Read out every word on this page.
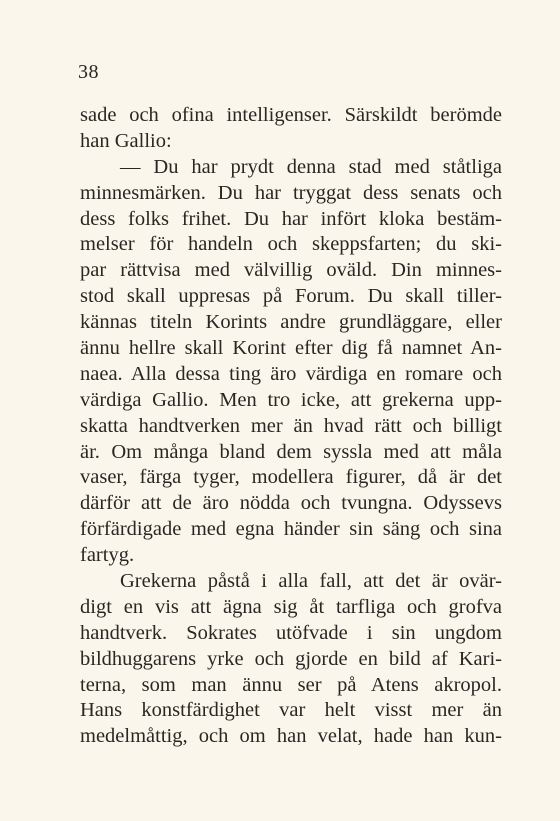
38
sade och ofina intelligenser. Särskildt berömde
han Gallio:
— Du har prydt denna stad med ståtliga
minnesmärken. Du har tryggat dess senats och
dess folks frihet. Du har infört kloka bestäm-
melser för handeln och skeppsfarten; du ski-
par rättvisa med välvillig oväld. Din minnes-
stod skall uppresas på Forum. Du skall tiller-
kännas titeln Korints andre grundläggare, eller
ännu hellre skall Korint efter dig få namnet An-
naea. Alla dessa ting äro värdiga en romare och
värdiga Gallio. Men tro icke, att grekerna upp-
skatta handtverken mer än hvad rätt och billigt
är. Om många bland dem syssla med att måla
vaser, färga tyger, modellera figurer, då är det
därför att de äro nödda och tvungna. Odyssevs
förfärdigade med egna händer sin säng och sina
fartyg.
Grekerna påstå i alla fall, att det är ovär-
digt en vis att ägna sig åt tarfliga och grofva
handtverk. Sokrates utöfvade i sin ungdom
bildhuggarens yrke och gjorde en bild af Kari-
terna, som man ännu ser på Atens akropol.
Hans konstfärdighet var helt visst mer än
medelmåttig, och om han velat, hade han kun-
